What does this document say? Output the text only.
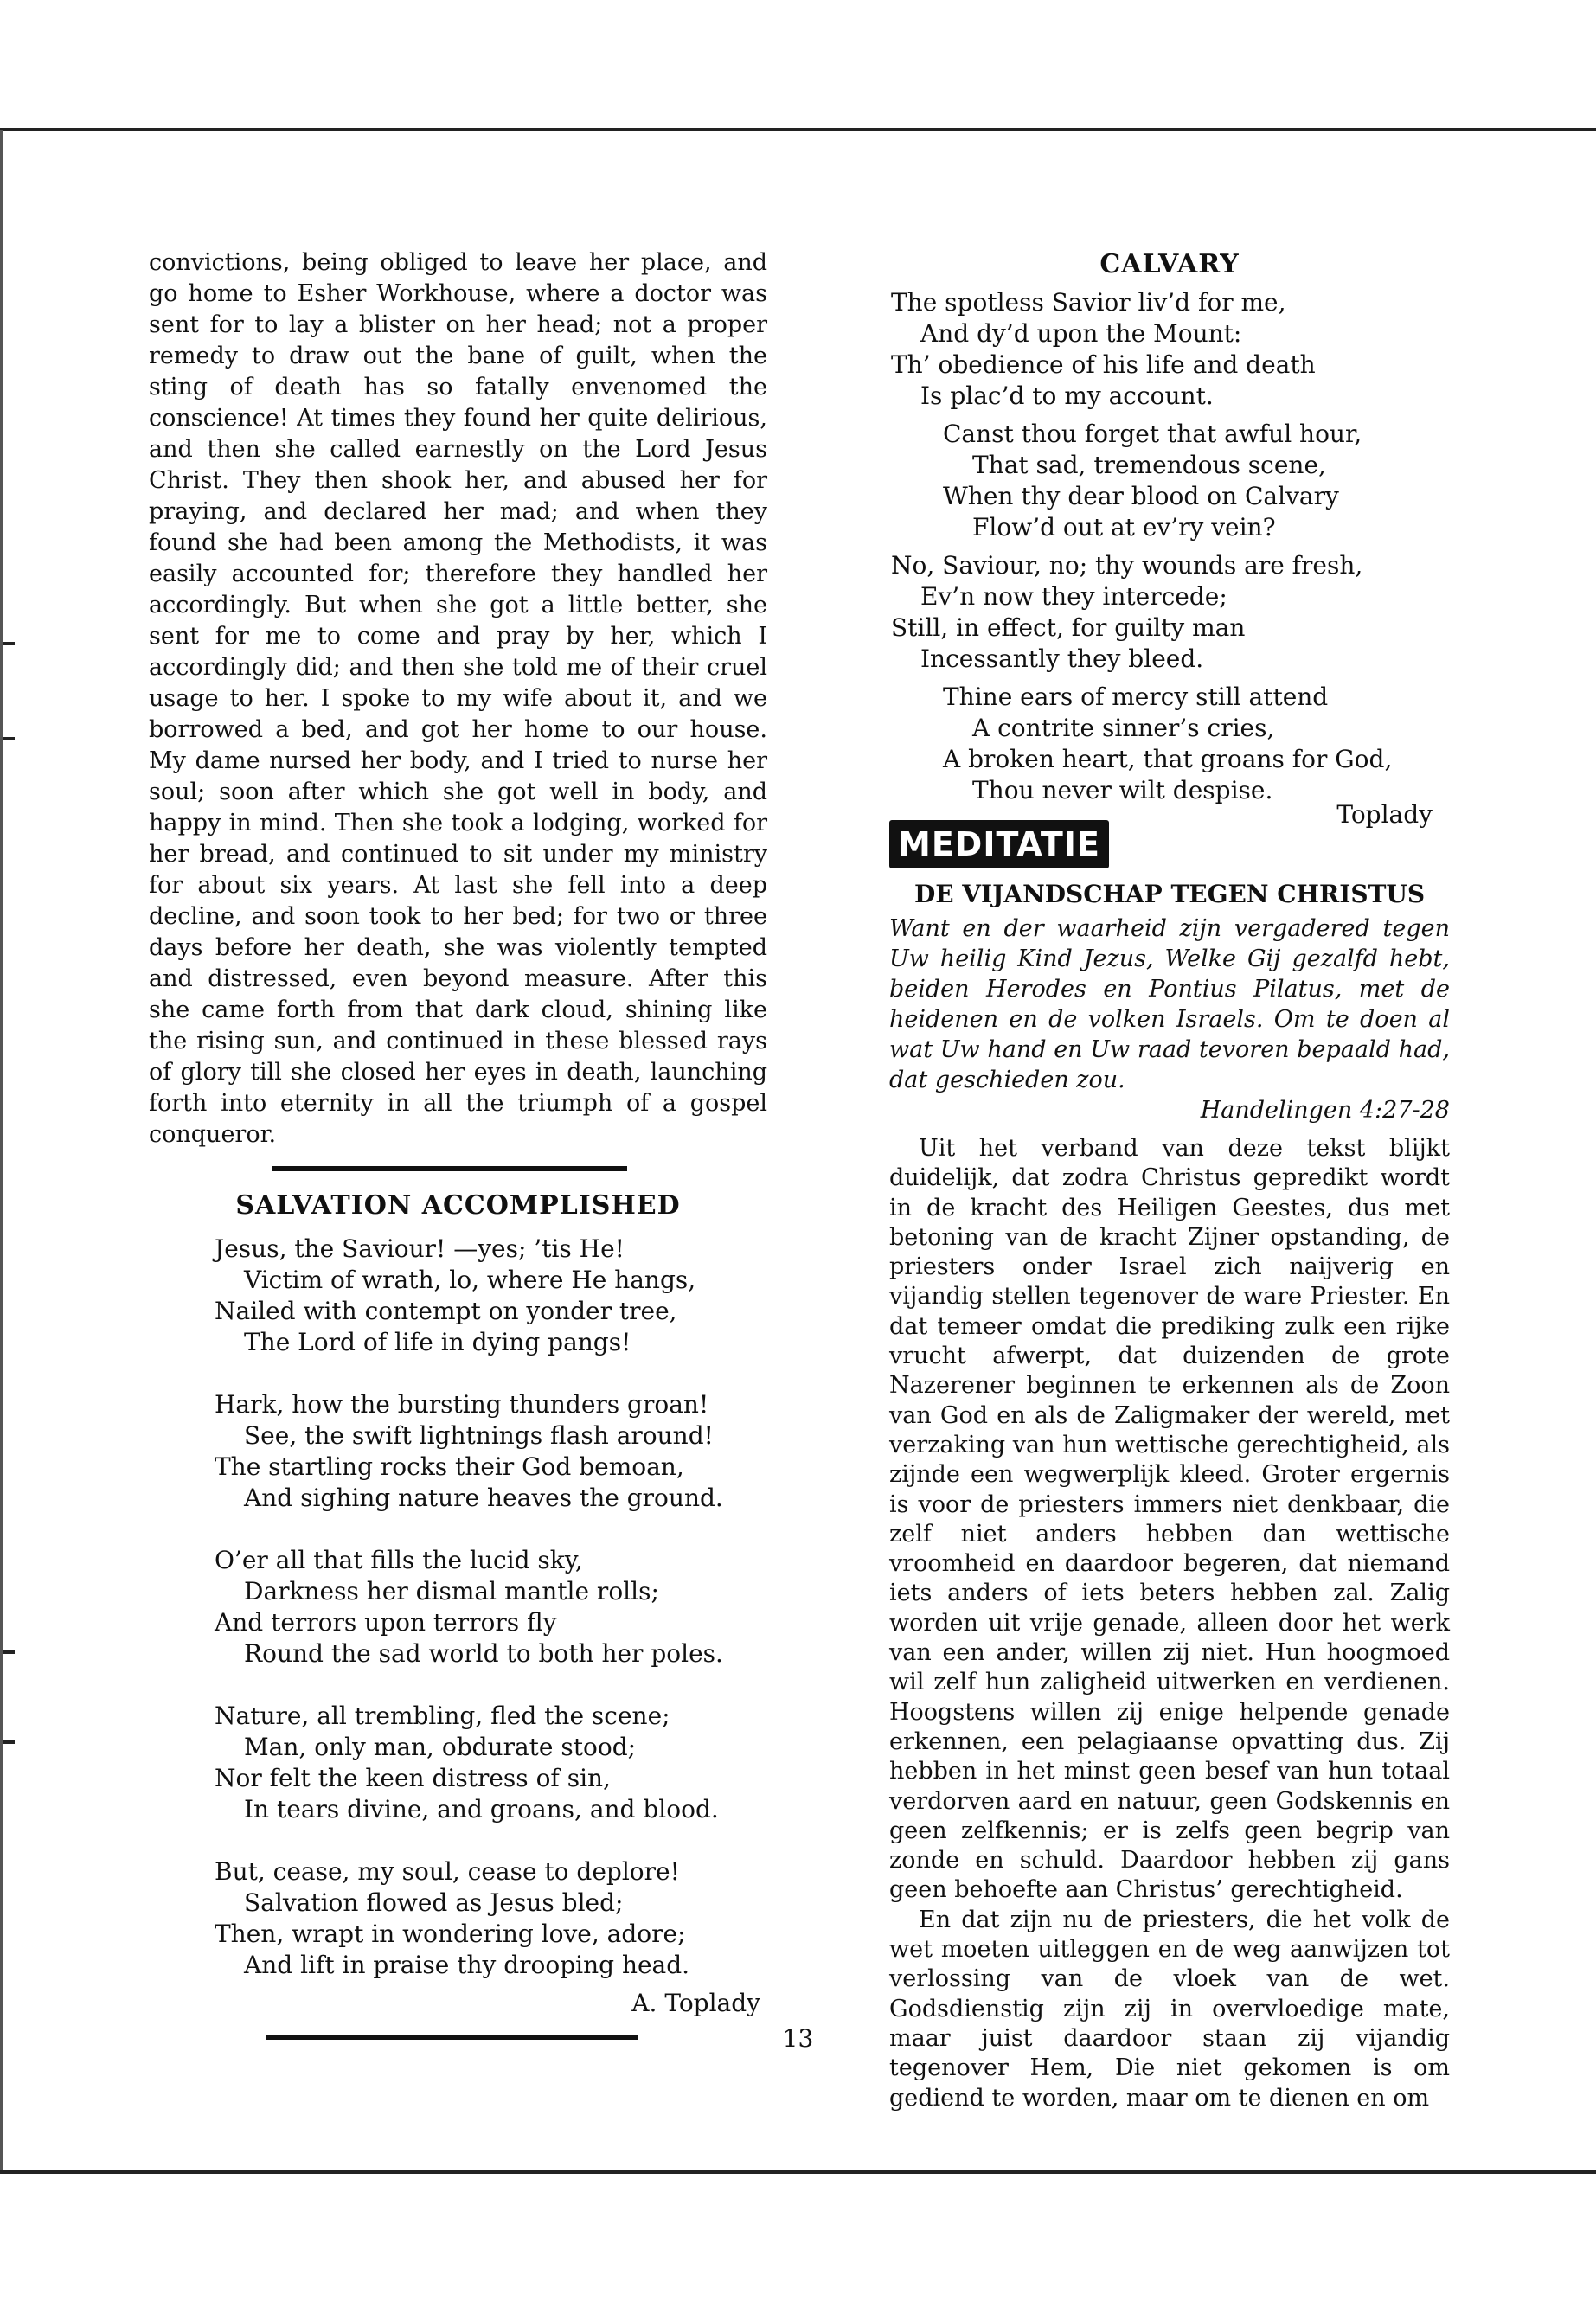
convictions, being obliged to leave her place, and go home to Esher Workhouse, where a doctor was sent for to lay a blister on her head; not a proper remedy to draw out the bane of guilt, when the sting of death has so fatally envenomed the conscience! At times they found her quite delirious, and then she called earnestly on the Lord Jesus Christ. They then shook her, and abused her for praying, and declared her mad; and when they found she had been among the Methodists, it was easily accounted for; therefore they handled her accordingly. But when she got a little better, she sent for me to come and pray by her, which I accordingly did; and then she told me of their cruel usage to her. I spoke to my wife about it, and we borrowed a bed, and got her home to our house. My dame nursed her body, and I tried to nurse her soul; soon after which she got well in body, and happy in mind. Then she took a lodging, worked for her bread, and continued to sit under my ministry for about six years. At last she fell into a deep decline, and soon took to her bed; for two or three days before her death, she was violently tempted and distressed, even beyond measure. After this she came forth from that dark cloud, shining like the rising sun, and continued in these blessed rays of glory till she closed her eyes in death, launching forth into eternity in all the triumph of a gospel conqueror.

SALVATION ACCOMPLISHED
Jesus, the Saviour! —yes; ’tis He!
Victim of wrath, lo, where He hangs,
Nailed with contempt on yonder tree,
The Lord of life in dying pangs!
Hark, how the bursting thunders groan!
See, the swift lightnings flash around!
The startling rocks their God bemoan,
And sighing nature heaves the ground.
O’er all that fills the lucid sky,
Darkness her dismal mantle rolls;
And terrors upon terrors fly
Round the sad world to both her poles.
Nature, all trembling, fled the scene;
Man, only man, obdurate stood;
Nor felt the keen distress of sin,
In tears divine, and groans, and blood.
But, cease, my soul, cease to deplore!
Salvation flowed as Jesus bled;
Then, wrapt in wondering love, adore;
And lift in praise thy drooping head.
A. Toplady
CALVARY
The spotless Savior liv’d for me,
And dy’d upon the Mount:
Th’ obedience of his life and death
Is plac’d to my account.
Canst thou forget that awful hour,
That sad, tremendous scene,
When thy dear blood on Calvary
Flow’d out at ev’ry vein?
No, Saviour, no; thy wounds are fresh,
Ev’n now they intercede;
Still, in effect, for guilty man
Incessantly they bleed.
Thine ears of mercy still attend
A contrite sinner’s cries,
A broken heart, that groans for God,
Thou never wilt despise.
Toplady
MEDITATIE
DE VIJANDSCHAP TEGEN CHRISTUS

Want en der waarheid zijn vergadered tegen Uw heilig Kind Jezus, Welke Gij gezalfd hebt, beiden Herodes en Pontius Pilatus, met de heidenen en de volken Israels. Om te doen al wat Uw hand en Uw raad tevoren bepaald had, dat geschieden zou.

Handelingen 4:27-28

Uit het verband van deze tekst blijkt duidelijk, dat zodra Christus gepredikt wordt in de kracht des Heiligen Geestes, dus met betoning van de kracht Zijner opstanding, de priesters onder Israel zich naijverig en vijandig stellen tegenover de ware Priester. En dat temeer omdat die prediking zulk een rijke vrucht afwerpt, dat duizenden de grote Nazerener beginnen te erkennen als de Zoon van God en als de Zaligmaker der wereld, met verzaking van hun wettische gerechtigheid, als zijnde een wegwerplijk kleed. Groter ergernis is voor de priesters immers niet denkbaar, die zelf niet anders hebben dan wettische vroomheid en daardoor begeren, dat niemand iets anders of iets beters hebben zal. Zalig worden uit vrije genade, alleen door het werk van een ander, willen zij niet. Hun hoogmoed wil zelf hun zaligheid uitwerken en verdienen. Hoogstens willen zij enige helpende genade erkennen, een pelagiaanse opvatting dus. Zij hebben in het minst geen besef van hun totaal verdorven aard en natuur, geen Godskennis en geen zelfkennis; er is zelfs geen begrip van zonde en schuld. Daardoor hebben zij gans geen behoefte aan Christus’ gerechtigheid.

En dat zijn nu de priesters, die het volk de wet moeten uitleggen en de weg aanwijzen tot verlossing van de vloek van de wet. Godsdienstig zijn zij in overvloedige mate, maar juist daardoor staan zij vijandig tegenover Hem, Die niet gekomen is om gediend te worden, maar om te dienen en om

13
